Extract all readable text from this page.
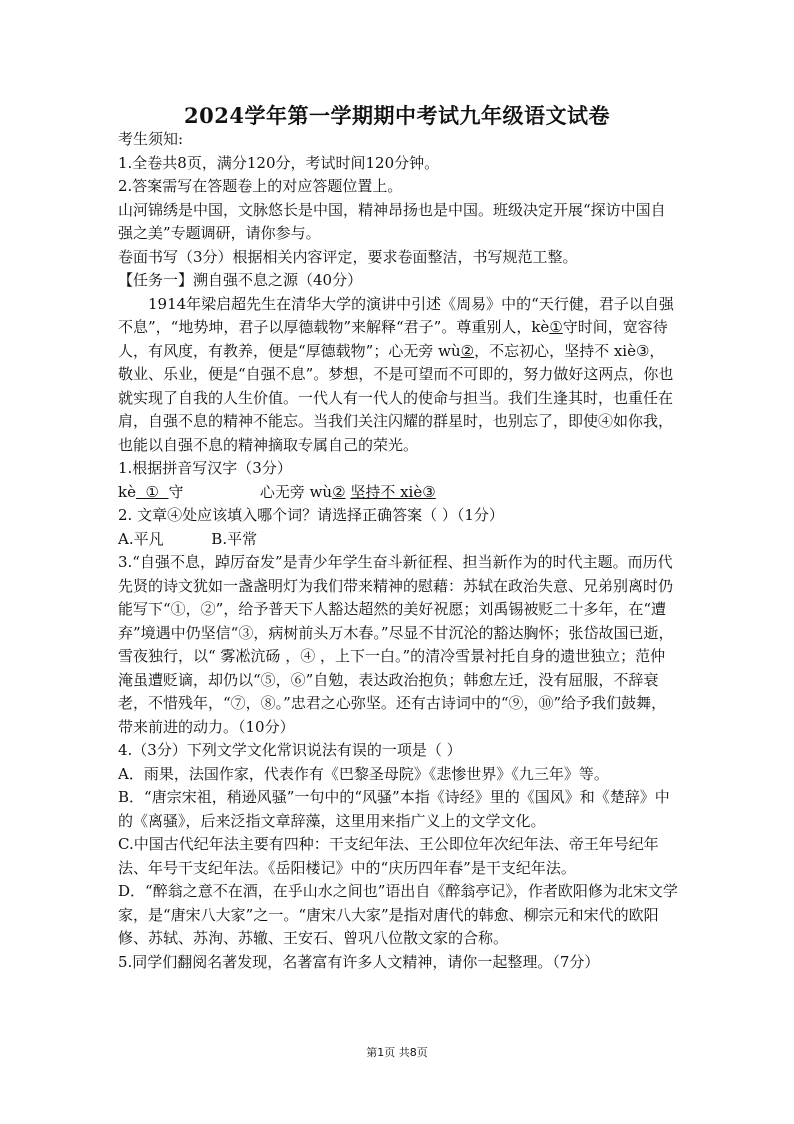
2024学年第一学期期中考试九年级语文试卷

考生须知:

1.全卷共8页，满分120分，考试时间120分钟。

2.答案需写在答题卷上的对应答题位置上。

山河锦绣是中国，文脉悠长是中国，精神昂扬也是中国。班级决定开展“探访中国自强之美”专题调研，请你参与。

卷面书写（3分）根据相关内容评定，要求卷面整洁，书写规范工整。

【任务一】溯自强不息之源（40分）

1914年梁启超先生在清华大学的演讲中引述《周易》中的“天行健，君子以自强不息”，“地势坤，君子以厚德载物”来解释“君子”。尊重别人，kè①守时间，宽容待人，有风度，有教养，便是“厚德载物”；心无旁 wù②，不忘初心，坚持不 xiè③，敬业、乐业，便是“自强不息”。梦想，不是可望而不可即的，努力做好这两点，你也就实现了自我的人生价值。一代人有一代人的使命与担当。我们生逢其时，也重任在肩，自强不息的精神不能忘。当我们关注闪耀的群星时，也别忘了，即使④如你我，也能以自强不息的精神摘取专属自己的荣光。

1.根据拼音写汉字（3分）

kè  ①  守	心无旁 wù② 坚持不 xiè③

2. 文章④处应该填入哪个词？请选择正确答案（ ）（1分）

A.平凡	B.平常

3.“自强不息，踔厉奋发”是青少年学生奋斗新征程、担当新作为的时代主题。而历代先贤的诗文犹如一盏盏明灯为我们带来精神的慰藉：苏轼在政治失意、兄弟别离时仍能写下“①，②”，给予普天下人豁达超然的美好祝愿；刘禹锡被贬二十多年，在“遭弃”境遇中仍坚信“③，病树前头万木春。”尽显不甘沉沦的豁达胸怀；张岱故国已逝，雪夜独行，以“ 雾凇沆砀 ，④ ，上下一白。”的清冷雪景衬托自身的遗世独立；范仲淹虽遭贬谪，却仍以“⑤，⑥”自勉，表达政治抱负；韩愈左迁，没有屈服，不辞衰老，不惜残年，“⑦，⑧。”忠君之心弥坚。还有古诗词中的“⑨，⑩”给予我们鼓舞，带来前进的动力。（10分）

4.（3分）下列文学文化常识说法有误的一项是（ ）

A．雨果，法国作家，代表作有《巴黎圣母院》《悲惨世界》《九三年》等。

B．“唐宗宋祖，稍逊风骚”一句中的“风骚”本指《诗经》里的《国风》和《楚辞》中的《离骚》，后来泛指文章辞藻，这里用来指广义上的文学文化。

C.中国古代纪年法主要有四种：干支纪年法、王公即位年次纪年法、帝王年号纪年法、年号干支纪年法。《岳阳楼记》中的“庆历四年春”是干支纪年法。

D．“醉翁之意不在酒，在乎山水之间也”语出自《醉翁亭记》，作者欧阳修为北宋文学家，是“唐宋八大家”之一。“唐宋八大家”是指对唐代的韩愈、柳宗元和宋代的欧阳修、苏轼、苏洵、苏辙、王安石、曾巩八位散文家的合称。

5.同学们翻阅名著发现，名著富有许多人文精神，请你一起整理。（7分）

第1页 共8页
